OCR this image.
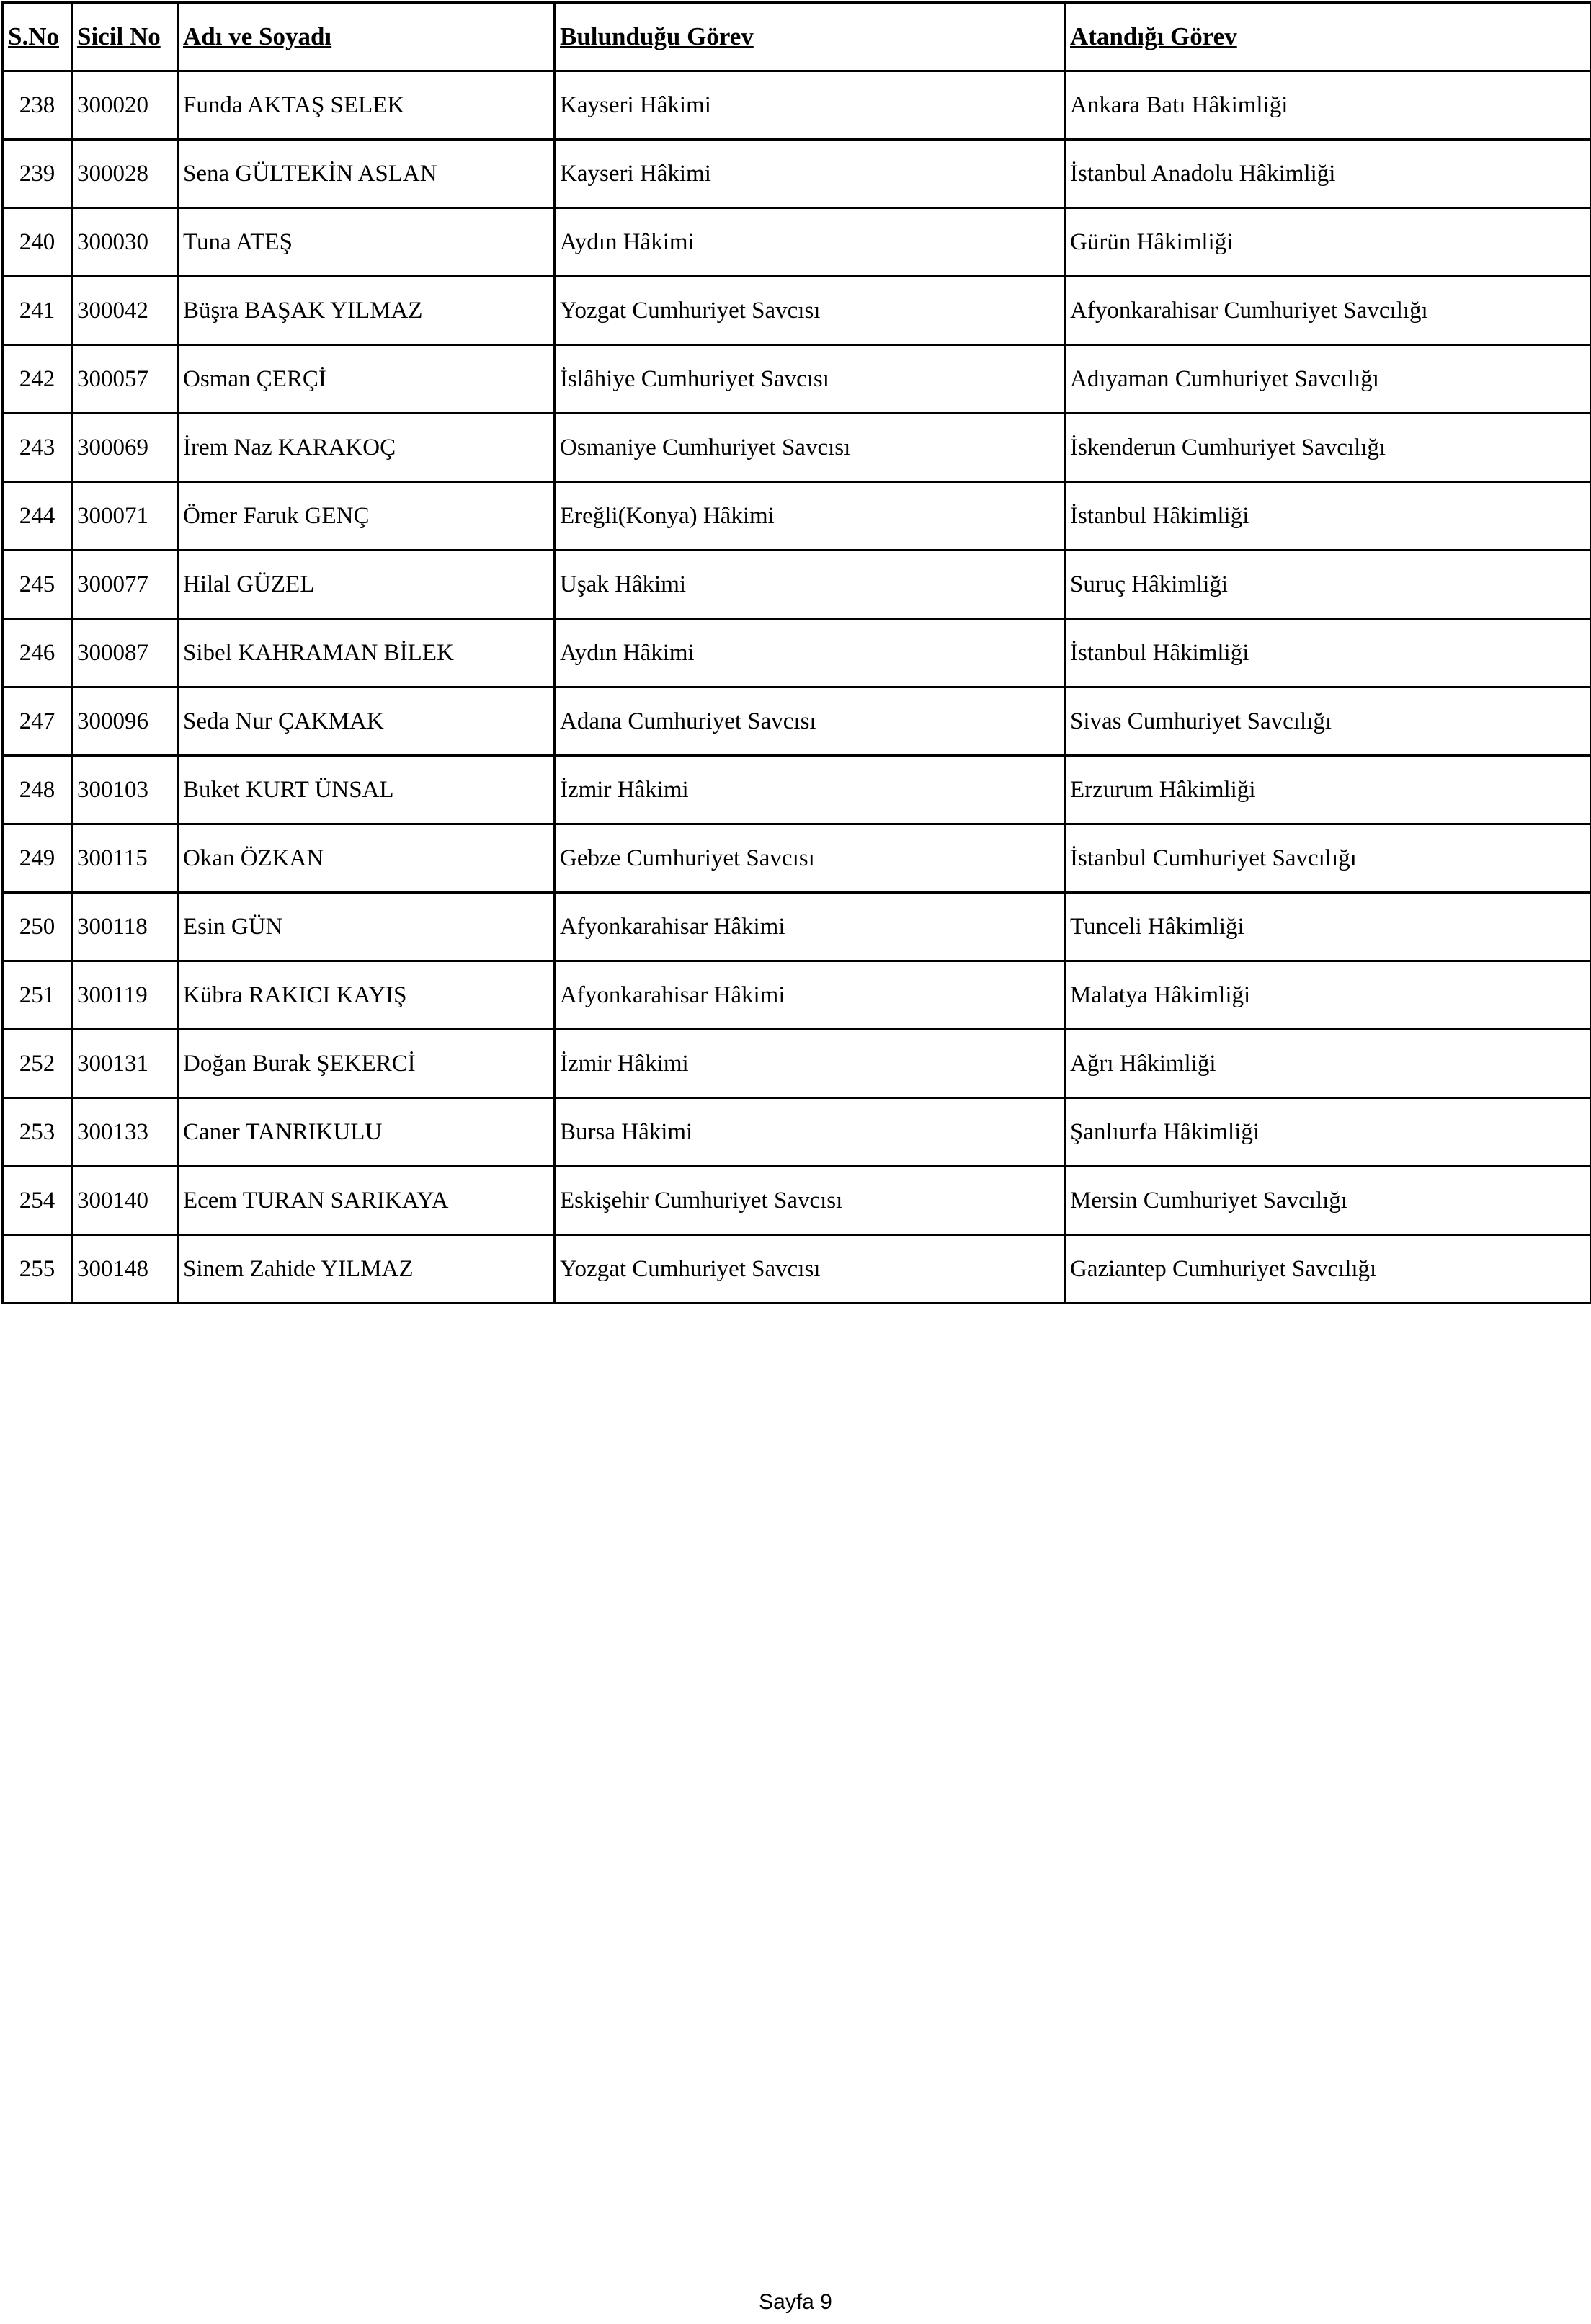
S.No	Sicil No	Adı ve Soyadı	Bulunduğu Görev	Atandığı Görev
238	300020	Funda AKTAŞ SELEK	Kayseri Hâkimi	Ankara Batı Hâkimliği
239	300028	Sena GÜLTEKİN ASLAN	Kayseri Hâkimi	İstanbul Anadolu Hâkimliği
240	300030	Tuna ATEŞ	Aydın Hâkimi	Gürün Hâkimliği
241	300042	Büşra BAŞAK YILMAZ	Yozgat Cumhuriyet Savcısı	Afyonkarahisar Cumhuriyet Savcılığı
242	300057	Osman ÇERÇİ	İslâhiye Cumhuriyet Savcısı	Adıyaman Cumhuriyet Savcılığı
243	300069	İrem Naz KARAKOÇ	Osmaniye Cumhuriyet Savcısı	İskenderun Cumhuriyet Savcılığı
244	300071	Ömer Faruk GENÇ	Ereğli(Konya) Hâkimi	İstanbul Hâkimliği
245	300077	Hilal GÜZEL	Uşak Hâkimi	Suruç Hâkimliği
246	300087	Sibel KAHRAMAN BİLEK	Aydın Hâkimi	İstanbul Hâkimliği
247	300096	Seda Nur ÇAKMAK	Adana Cumhuriyet Savcısı	Sivas Cumhuriyet Savcılığı
248	300103	Buket KURT ÜNSAL	İzmir Hâkimi	Erzurum Hâkimliği
249	300115	Okan ÖZKAN	Gebze Cumhuriyet Savcısı	İstanbul Cumhuriyet Savcılığı
250	300118	Esin GÜN	Afyonkarahisar Hâkimi	Tunceli Hâkimliği
251	300119	Kübra RAKICI KAYIŞ	Afyonkarahisar Hâkimi	Malatya Hâkimliği
252	300131	Doğan Burak ŞEKERCİ	İzmir Hâkimi	Ağrı Hâkimliği
253	300133	Caner TANRIKULU	Bursa Hâkimi	Şanlıurfa Hâkimliği
254	300140	Ecem TURAN SARIKAYA	Eskişehir Cumhuriyet Savcısı	Mersin Cumhuriyet Savcılığı
255	300148	Sinem Zahide YILMAZ	Yozgat Cumhuriyet Savcısı	Gaziantep Cumhuriyet Savcılığı
Sayfa 9
